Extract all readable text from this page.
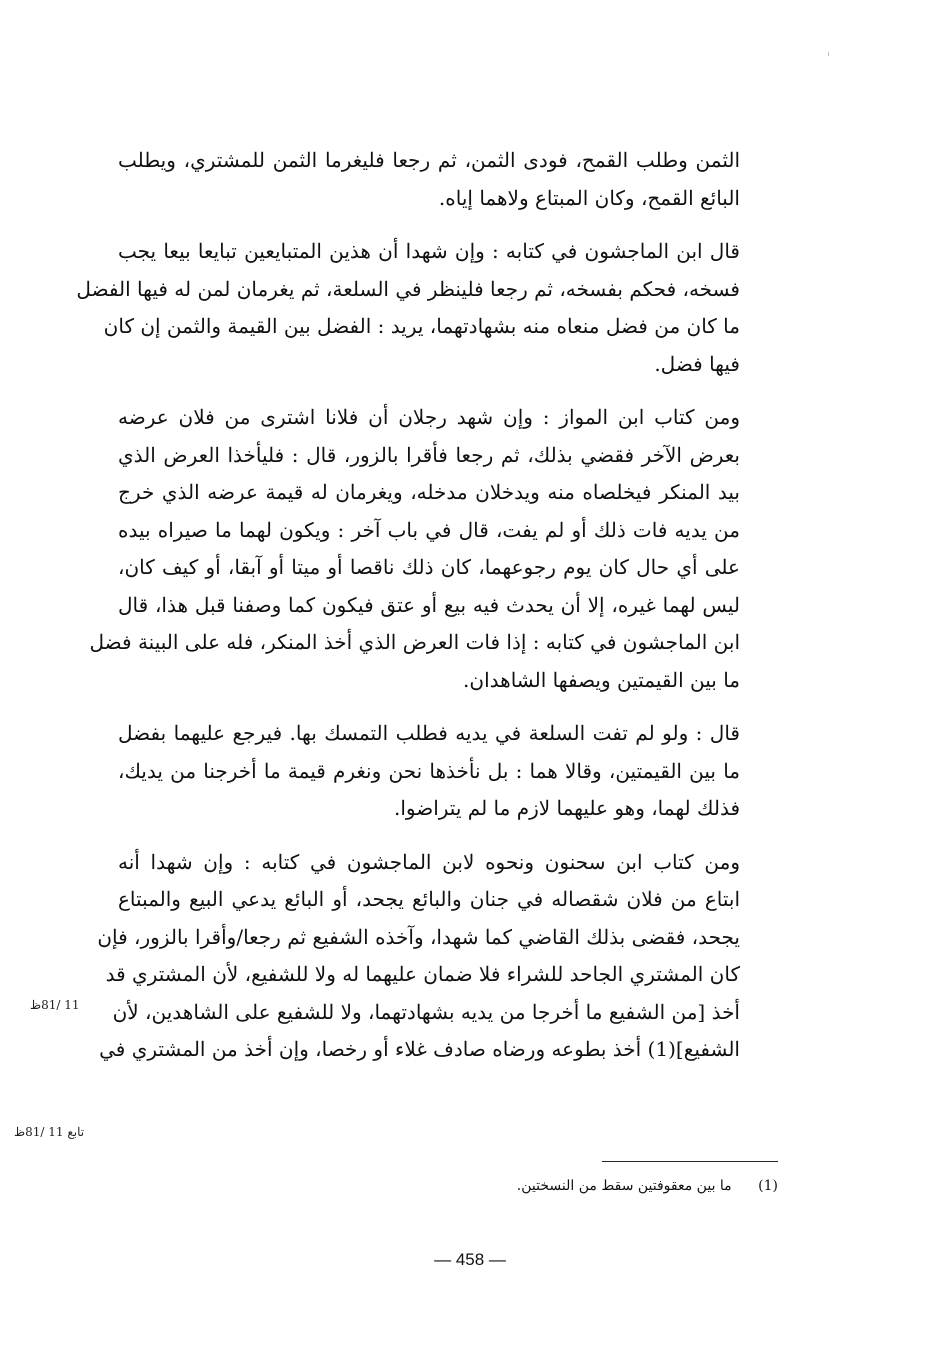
الثمن وطلب القمح، فودى الثمن، ثم رجعا فليغرما الثمن للمشتري، ويطلب
البائع القمح، وكان المبتاع ولاهما إياه.

قال ابن الماجشون في كتابه : وإن شهدا أن هذين المتبايعين تبايعا بيعا يجب
فسخه، فحكم بفسخه، ثم رجعا فلينظر في السلعة، ثم يغرمان لمن له فيها الفضل
ما كان من فضل منعاه منه بشهادتهما، يريد : الفضل بين القيمة والثمن إن كان
فيها فضل.

ومن كتاب ابن المواز : وإن شهد رجلان أن فلانا اشترى من فلان عرضه
بعرض الآخر فقضي بذلك، ثم رجعا فأقرا بالزور، قال : فليأخذا العرض الذي
بيد المنكر فيخلصاه منه ويدخلان مدخله، ويغرمان له قيمة عرضه الذي خرج
من يديه فات ذلك أو لم يفت، قال في باب آخر : ويكون لهما ما صيراه بيده
على أي حال كان يوم رجوعهما، كان ذلك ناقصا أو ميتا أو آبقا، أو كيف كان،
ليس لهما غيره، إلا أن يحدث فيه بيع أو عتق فيكون كما وصفنا قبل هذا، قال
ابن الماجشون في كتابه : إذا فات العرض الذي أخذ المنكر، فله على البينة فضل
ما بين القيمتين ويصفها الشاهدان.

قال : ولو لم تفت السلعة في يديه فطلب التمسك بها. فيرجع عليهما بفضل
ما بين القيمتين، وقالا هما : بل نأخذها نحن ونغرم قيمة ما أخرجنا من يديك،
فذلك لهما، وهو عليهما لازم ما لم يتراضوا.

ومن كتاب ابن سحنون ونحوه لابن الماجشون في كتابه : وإن شهدا أنه
ابتاع من فلان شقصاله في جنان والبائع يجحد، أو البائع يدعي البيع والمبتاع
يجحد، فقضى بذلك القاضي كما شهدا، وآخذه الشفيع ثم رجعا/وأقرا بالزور، فإن
كان المشتري الجاحد للشراء فلا ضمان عليهما له ولا للشفيع، لأن المشتري قد
أخذ [من الشفيع ما أخرجا من يديه بشهادتهما، ولا للشفيع على الشاهدين، لأن
الشفيع](1) أخذ بطوعه ورضاه صادف غلاء أو رخصا، وإن أخذ من المشتري في

11 /81ظ
تابع 11 /81ظ
(1) ما بين معقوفتين سقط من النسختين.
— 458 —
